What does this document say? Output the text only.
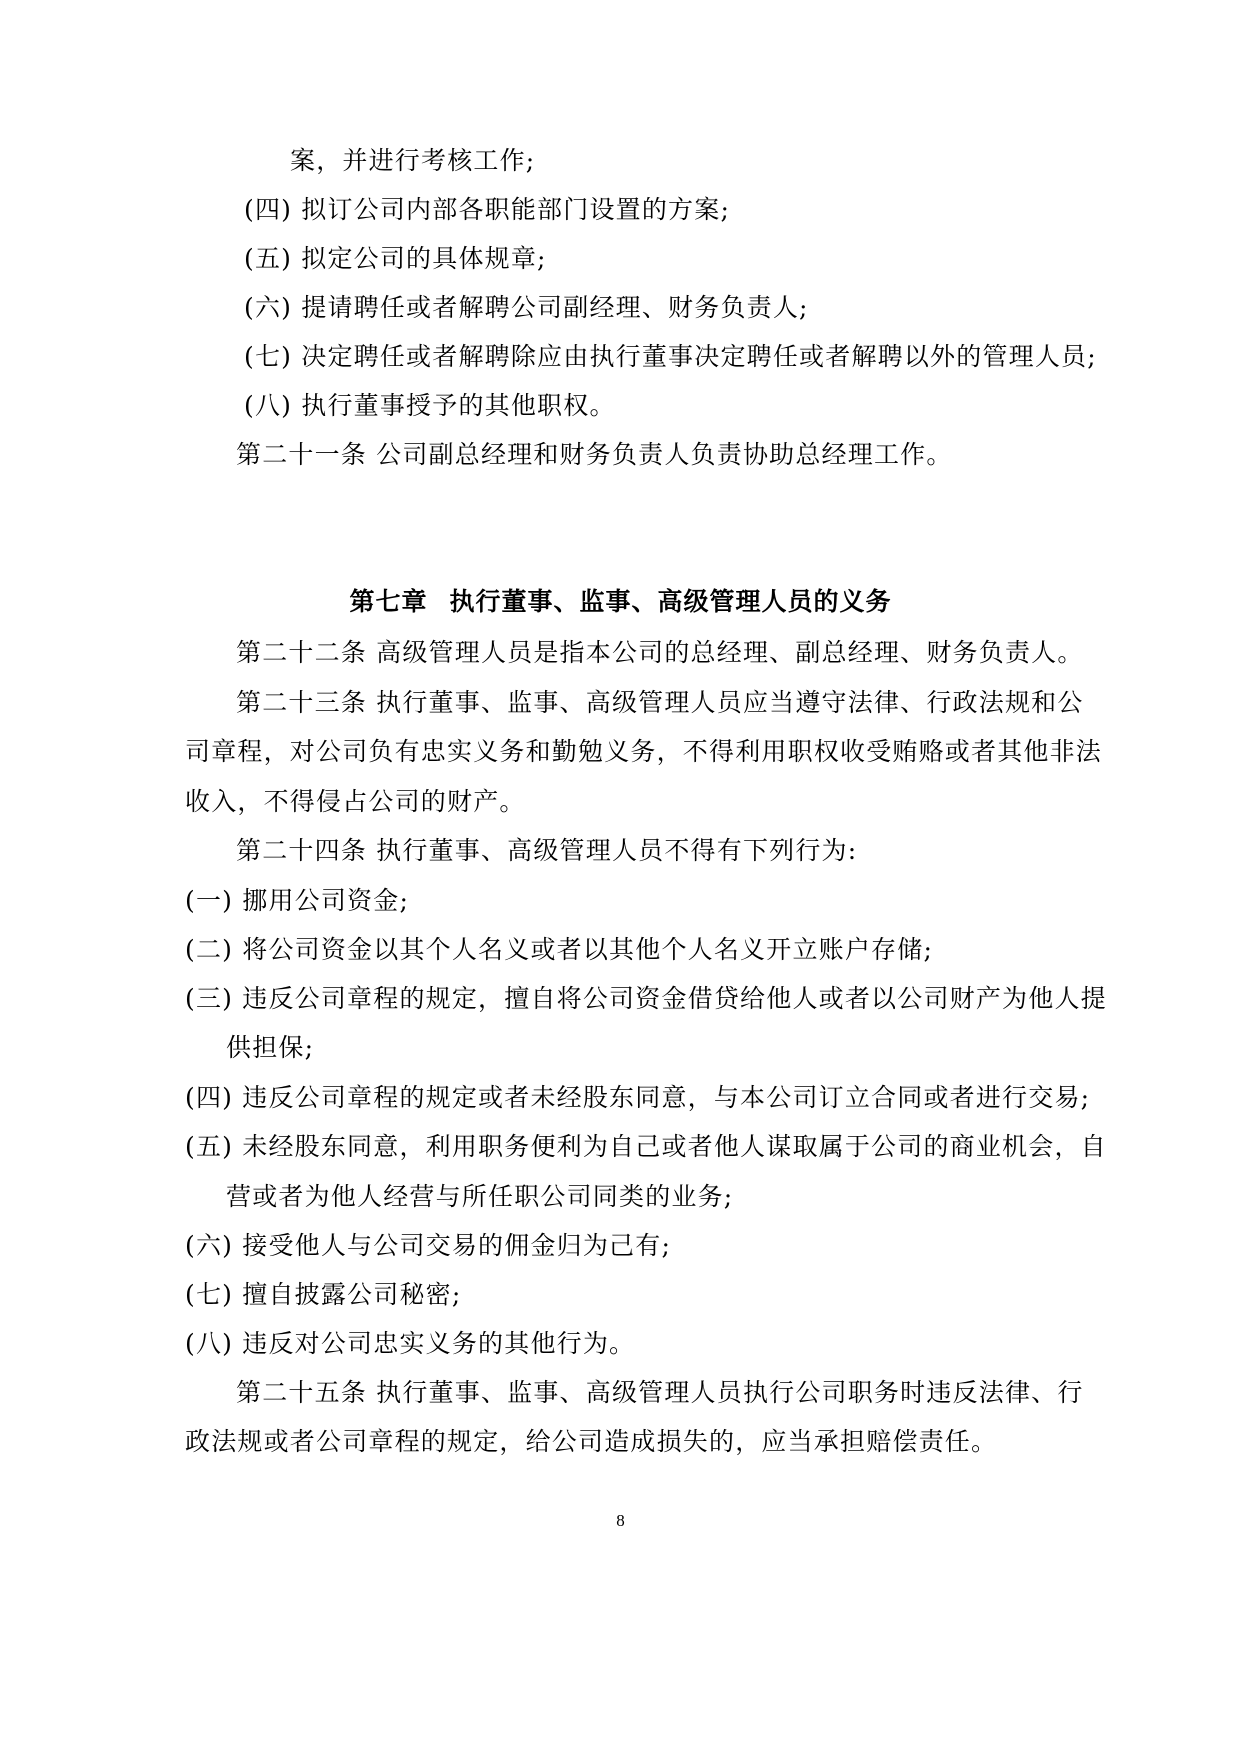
案，并进行考核工作;
(四) 拟订公司内部各职能部门设置的方案;
(五) 拟定公司的具体规章;
(六) 提请聘任或者解聘公司副经理、财务负责人;
(七) 决定聘任或者解聘除应由执行董事决定聘任或者解聘以外的管理人员;
(八) 执行董事授予的其他职权。
第二十一条 公司副总经理和财务负责人负责协助总经理工作。
第七章 执行董事、监事、高级管理人员的义务
第二十二条 高级管理人员是指本公司的总经理、副总经理、财务负责人。
第二十三条 执行董事、监事、高级管理人员应当遵守法律、行政法规和公
司章程，对公司负有忠实义务和勤勉义务，不得利用职权收受贿赂或者其他非法
收入，不得侵占公司的财产。
第二十四条 执行董事、高级管理人员不得有下列行为:
(一) 挪用公司资金;
(二) 将公司资金以其个人名义或者以其他个人名义开立账户存储;
(三) 违反公司章程的规定，擅自将公司资金借贷给他人或者以公司财产为他人提
供担保;
(四) 违反公司章程的规定或者未经股东同意，与本公司订立合同或者进行交易;
(五) 未经股东同意，利用职务便利为自己或者他人谋取属于公司的商业机会，自
营或者为他人经营与所任职公司同类的业务;
(六) 接受他人与公司交易的佣金归为己有;
(七) 擅自披露公司秘密;
(八) 违反对公司忠实义务的其他行为。
第二十五条 执行董事、监事、高级管理人员执行公司职务时违反法律、行
政法规或者公司章程的规定，给公司造成损失的，应当承担赔偿责任。
8
